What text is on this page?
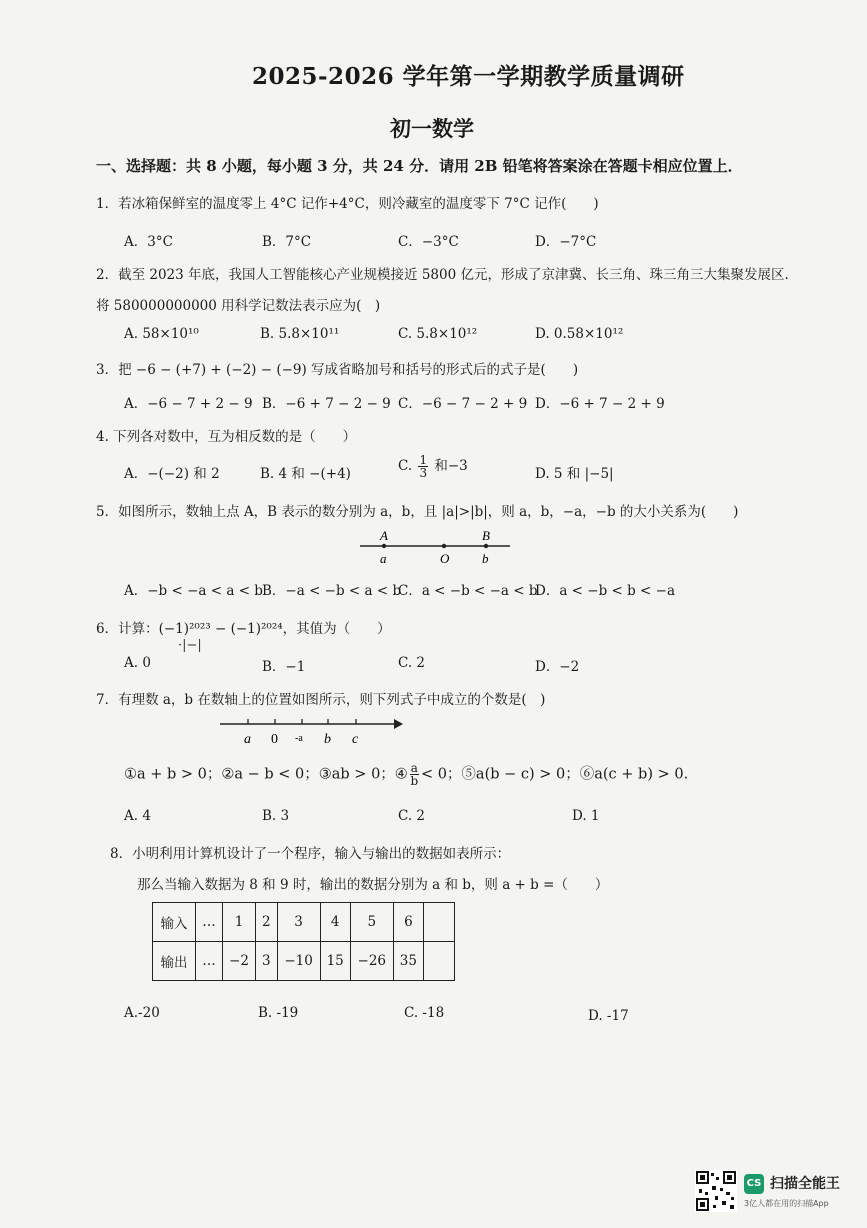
2025-2026 学年第一学期教学质量调研
初一数学
一、选择题：共 8 小题，每小题 3 分，共 24 分．请用 2B 铅笔将答案涂在答题卡相应位置上．
1．若冰箱保鲜室的温度零上 4°C 记作+4°C，则冷藏室的温度零下 7°C 记作(　　)
A．3°C	B．7°C	C．−3°C	D．−7°C
2．截至 2023 年底，我国人工智能核心产业规模接近 5800 亿元，形成了京津冀、长三角、珠三角三大集聚发展区.
将 580000000000 用科学记数法表示应为(　)
A. 58×10¹⁰	B. 5.8×10¹¹	C. 5.8×10¹²	D. 0.58×10¹²
3．把 −6 − (+7) + (−2) − (−9) 写成省略加号和括号的形式后的式子是(　　)
A．−6 − 7 + 2 − 9 B．−6 + 7 − 2 − 9 C．−6 − 7 − 2 + 9 D．−6 + 7 − 2 + 9
4. 下列各对数中，互为相反数的是（　　）
A．−(−2) 和 2	B. 4 和 −(+4)	C. $\frac{1}{3}$ 和−3	D. 5 和 |−5|
5．如图所示，数轴上点 A，B 表示的数分别为 a，b，且 |a|>|b|，则 a，b，−a，−b 的大小关系为(　　)
A	B
a	O	b
A．−b < −a < a < b B．−a < −b < a < b
C．a < −b < −a < b
D．a < −b < b < −a
6．计算：(−1)²⁰²³ − (−1)²⁰²⁴，其值为（　　）
·|−|
A. 0	B．−1	C. 2	D．−2
7．有理数 a，b 在数轴上的位置如图所示，则下列式子中成立的个数是(　)
a 0 -a b c
①a + b > 0；②a − b < 0；③ab > 0；④ $\frac{a}{b} < 0$；⑤a(b − c) > 0；⑥a(c + b) > 0.
A. 4	B. 3	C. 2	D. 1
8．小明利用计算机设计了一个程序，输入与输出的数据如表所示：
那么当输入数据为 8 和 9 时，输出的数据分别为 a 和 b，则 a + b =（　　）
输入	…	1	2	3	4	5	6	
输出	…	−2	3	−10	15	−26	35	
A.-20	B. -19	C. -18	D. -17
CS 扫描全能王
3亿人都在用的扫描App
